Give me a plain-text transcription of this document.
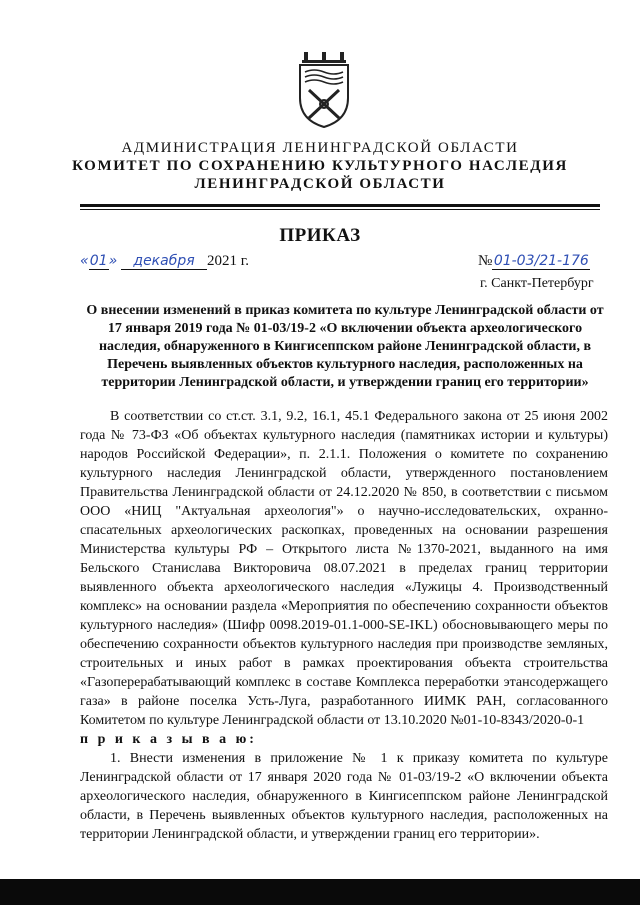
АДМИНИСТРАЦИЯ ЛЕНИНГРАДСКОЙ ОБЛАСТИ
КОМИТЕТ ПО СОХРАНЕНИЮ КУЛЬТУРНОГО НАСЛЕДИЯ
ЛЕНИНГРАДСКОЙ ОБЛАСТИ
ПРИКАЗ
«01» декабря 2021 г.	№ 01-03/21-176
г. Санкт-Петербург
О внесении изменений в приказ комитета по культуре Ленинградской области от 17 января 2019 года № 01-03/19-2 «О включении объекта археологического наследия, обнаруженного в Кингисеппском районе Ленинградской области, в Перечень выявленных объектов культурного наследия, расположенных на территории Ленинградской области, и утверждении границ его территории»

В соответствии со ст.ст. 3.1, 9.2, 16.1, 45.1 Федерального закона от 25 июня 2002 года № 73-ФЗ «Об объектах культурного наследия (памятниках истории и культуры) народов Российской Федерации», п. 2.1.1. Положения о комитете по сохранению культурного наследия Ленинградской области, утвержденного постановлением Правительства Ленинградской области от 24.12.2020 № 850, в соответствии с письмом ООО «НИЦ "Актуальная археология"» о научно-исследовательских, охранно-спасательных археологических раскопках, проведенных на основании разрешения Министерства культуры РФ – Открытого листа №1370-2021, выданного на имя Бельского Станислава Викторовича 08.07.2021 в пределах границ территории выявленного объекта археологического наследия «Лужицы 4. Производственный комплекс» на основании раздела «Мероприятия по обеспечению сохранности объектов культурного наследия» (Шифр 0098.2019-01.1-000-SE-IKL) обосновывающего меры по обеспечению сохранности объектов культурного наследия при производстве земляных, строительных и иных работ в рамках проектирования объекта строительства «Газоперерабатывающий комплекс в составе Комплекса переработки этансодержащего газа» в районе поселка Усть-Луга, разработанного ИИМК РАН, согласованного Комитетом по культуре Ленинградской области от 13.10.2020 №01-10-8343/2020-0-1

п р и к а з ы в а ю:

1. Внести изменения в приложение № 1 к приказу комитета по культуре Ленинградской области от 17 января 2020 года № 01-03/19-2 «О включении объекта археологического наследия, обнаруженного в Кингисеппском районе Ленинградской области, в Перечень выявленных объектов культурного наследия, расположенных на территории Ленинградской области, и утверждении границ его территории».
